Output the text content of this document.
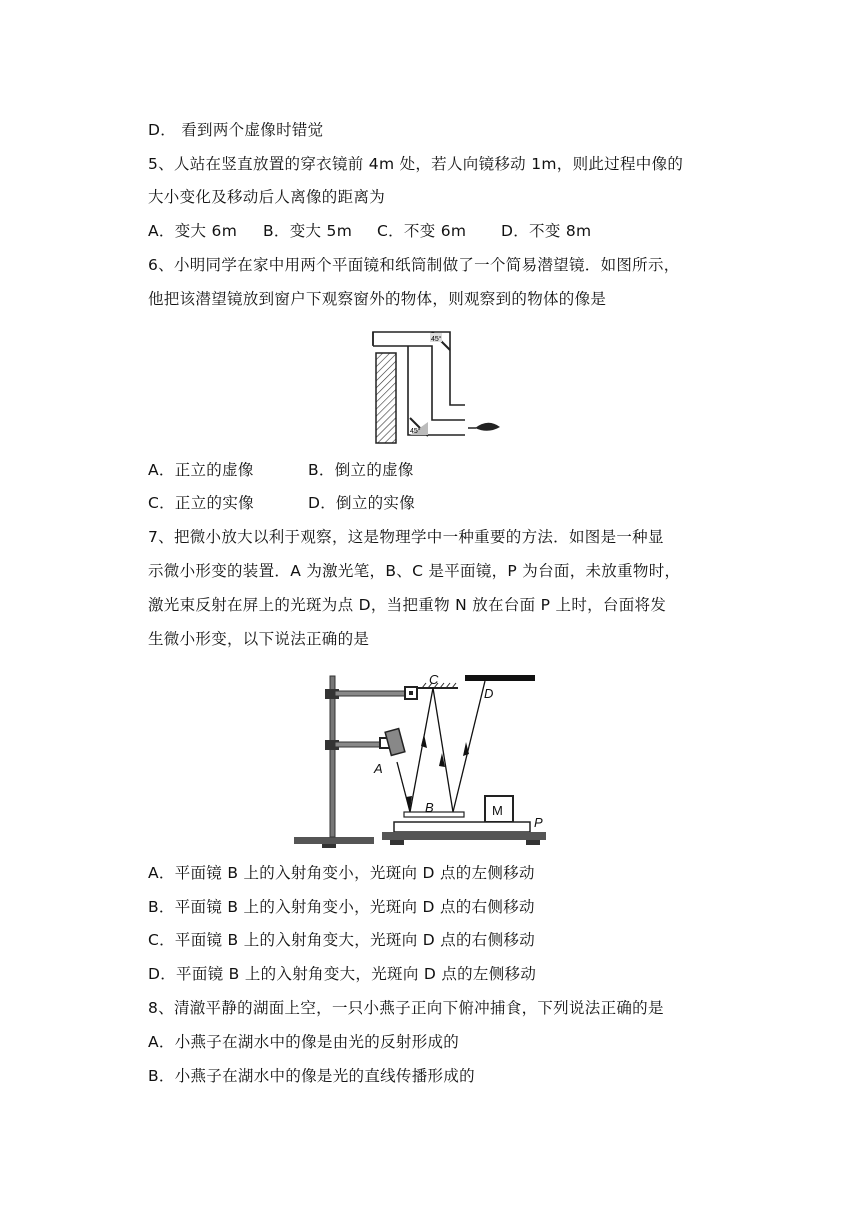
D． 看到两个虚像时错觉
5、人站在竖直放置的穿衣镜前 4m 处，若人向镜移动 1m，则此过程中像的
大小变化及移动后人离像的距离为
A．变大 6m B．变大 5m C．不变 6m D．不变 8m
6、小明同学在家中用两个平面镜和纸筒制做了一个简易潜望镜．如图所示，
他把该潜望镜放到窗户下观察窗外的物体，则观察到的物体的像是
45°
45°
A．正立的虚像	B．倒立的虚像
C．正立的实像	D．倒立的实像
7、把微小放大以利于观察，这是物理学中一种重要的方法．如图是一种显
示微小形变的装置．A 为激光笔，B、C 是平面镜，P 为台面，未放重物时，
激光束反射在屏上的光斑为点 D，当把重物 N 放在台面 P 上时，台面将发
生微小形变，以下说法正确的是
A
C
D
B	M
P
A．平面镜 B 上的入射角变小，光斑向 D 点的左侧移动
B．平面镜 B 上的入射角变小，光斑向 D 点的右侧移动
C．平面镜 B 上的入射角变大，光斑向 D 点的右侧移动
D．平面镜 B 上的入射角变大，光斑向 D 点的左侧移动
8、清澈平静的湖面上空，一只小燕子正向下俯冲捕食，下列说法正确的是
A．小燕子在湖水中的像是由光的反射形成的
B．小燕子在湖水中的像是光的直线传播形成的
